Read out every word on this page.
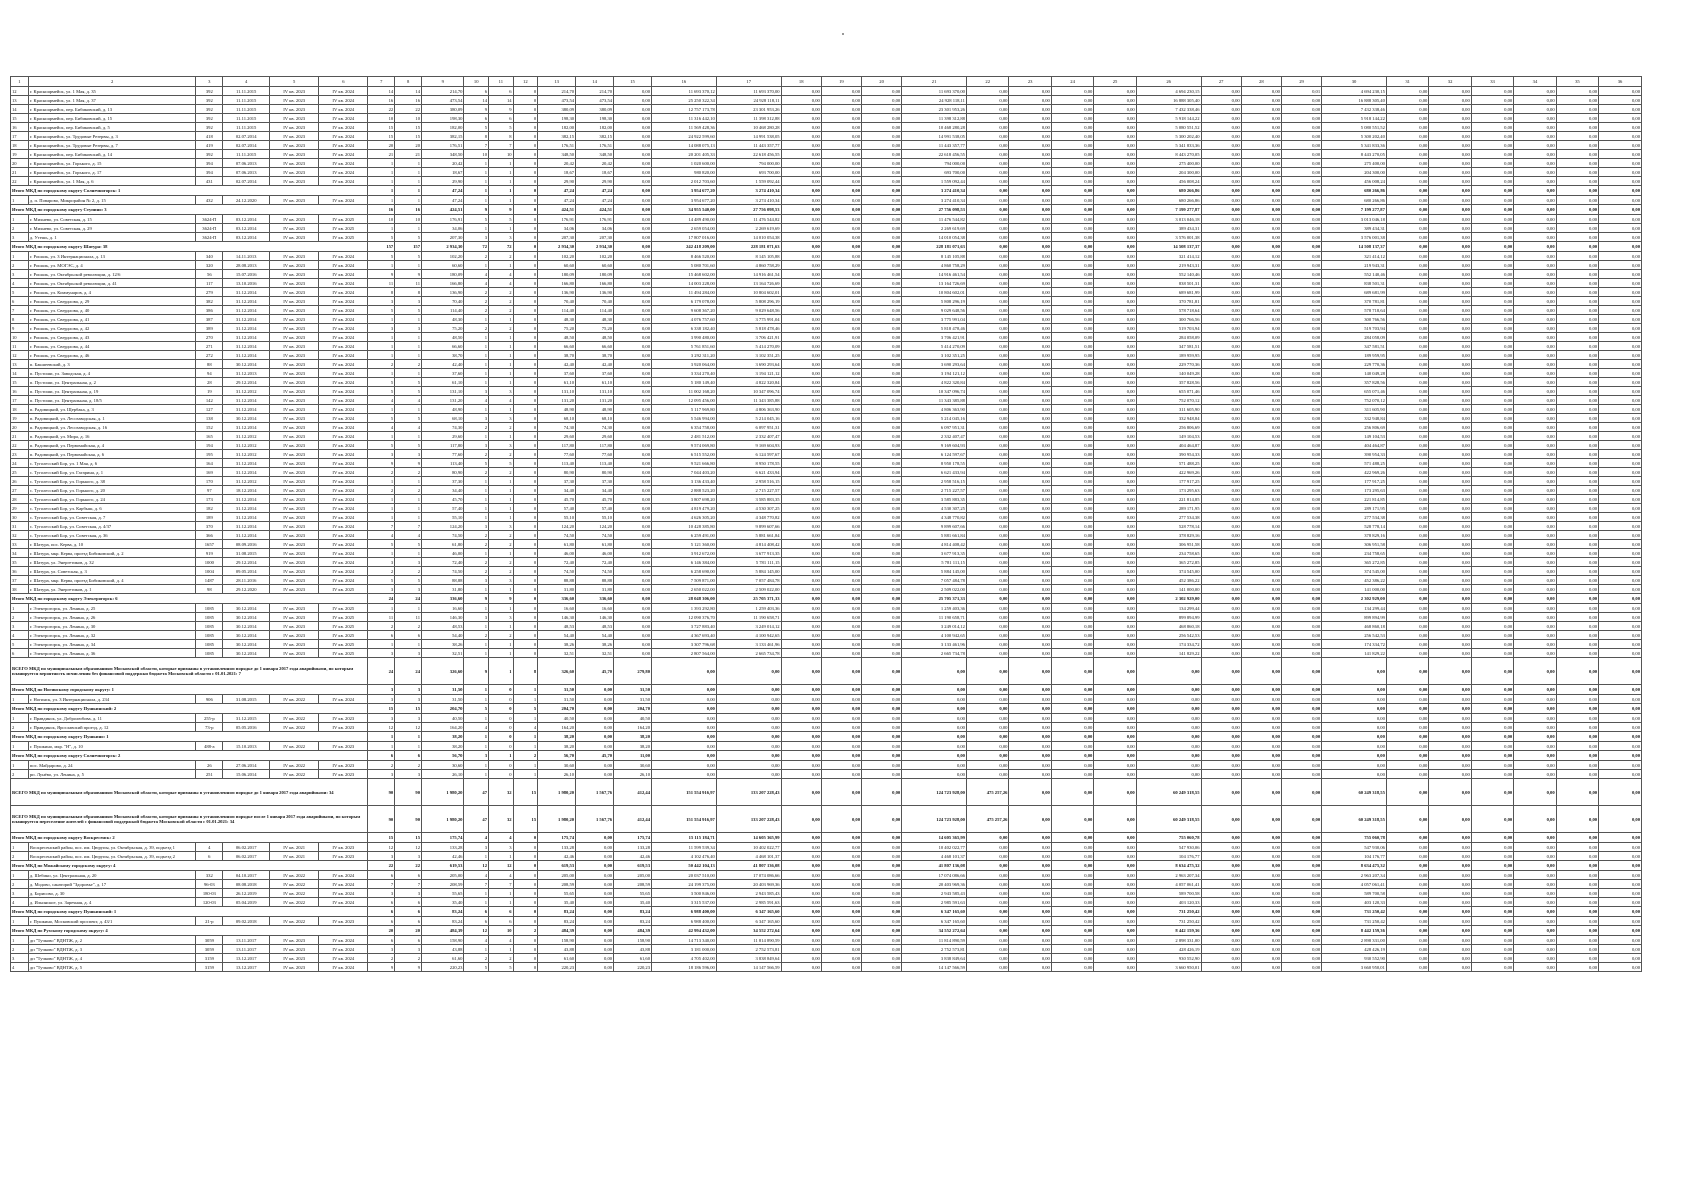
1	2	3	4	5	6	7	8	9	10	11	12	13	14	15	16	17	18	19	20	21	22	23	24	25	26	27	28	29	30	31	32	33	34	35	36
12	г. Красноармейск, ул. 1 Мая, д. 35	392	11.11.2015	IV кв. 2023	IV кв. 2024	14	14	214,70	6	6	0	214,70	214,70	0,00	11 693 370,12	11 693 370,00	0,00	0,00	0,00	11 693 370,00	0,00	0,00	0,00	0,00	4 694 230,15	0,00	0,00	0,01	4 694 230,15	0,00	0,00	0,00	0,00	0,00	0,00
13	г. Красноармейск, ул. 1 Мая, д. 37	392	11.11.2015	IV кв. 2023	IV кв. 2024	16	16	473,54	14	14	0	473,54	473,54	0,00	25 250 322,34	24 928 118,11	0,00	0,00	0,00	24 928 118,11	0,00	0,00	0,00	0,00	16 888 305,40	0,00	0,00	0,00	16 888 305,40	0,00	0,00	0,00	0,00	0,00	0,00
14	г. Красноармейск, пер. Бибиковский, д. 13	392	11.11.2015	IV кв. 2023	IV кв. 2024	22	22	380,09	9	9	0	380,09	380,09	0,00	12 757 173,78	23 301 953,26	0,00	0,00	0,00	23 301 953,26	0,00	0,00	0,00	0,00	7 432 338,46	0,00	0,00	0,00	7 432 338,46	0,00	0,00	0,00	0,00	0,00	0,00
15	г. Красноармейск, пер. Бибиковский, д. 15	392	11.11.2015	IV кв. 2023	IV кв. 2024	10	10	198,30	6	6	0	198,30	198,30	0,00	11 316 442,10	11 398 312,88	0,00	0,00	0,00	11 398 312,88	0,00	0,00	0,00	0,00	5 918 144,22	0,00	0,00	0,00	5 918 144,22	0,00	0,00	0,00	0,00	0,00	0,00
16	г. Красноармейск, пер. Бибиковский, д. 5	392	11.11.2015	IV кв. 2023	IV кв. 2024	15	15	182,00	5	5	0	182,00	182,00	0,00	11 569 428,36	10 468 280,28	0,00	0,00	0,00	10 468 280,28	0,00	0,00	0,00	0,00	5 080 551,52	0,00	0,00	0,00	5 080 551,52	0,00	0,00	0,00	0,00	0,00	0,00
17	г. Красноармейск, ул. Трудовые Резервы, д. 3	418	02.07.2014	IV кв. 2023	IV кв. 2024	15	15	382,15	8	8	0	382,15	382,15	0,00	24 922 599,60	14 991 538,05	0,00	0,00	0,00	14 991 538,05	0,00	0,00	0,00	0,00	5 300 202,40	0,00	0,00	0,00	5 300 202,40	0,00	0,00	0,00	0,00	0,00	0,00
18	г. Красноармейск, ул. Трудовые Резервы, д. 7	419	02.07.2014	IV кв. 2023	IV кв. 2024	20	20	176,51	7	7	0	176,51	176,51	0,00	14 088 075,13	11 443 357,77	0,00	0,00	0,00	11 443 357,77	0,00	0,00	0,00	0,00	5 341 833,36	0,00	0,00	0,00	5 341 833,36	0,00	0,00	0,00	0,00	0,00	0,00
19	г. Красноармейск, пер. Бибиковский, д. 14	392	11.11.2015	IV кв. 2023	IV кв. 2024	21	21	348,50	10	10	0	348,50	348,50	0,00	20 201 405,33	22 618 456,55	0,00	0,00	0,00	22 618 456,55	0,00	0,00	0,00	0,00	8 443 270,05	0,00	0,00	0,00	8 443 270,05	0,00	0,00	0,00	0,00	0,00	0,00
20	г. Красноармейск, ул. Горького, д. 15	394	07.06.2013	IV кв. 2023	IV кв. 2024	1	1	20,42	1	1	0	20,42	20,42	0,00	1 020 600,00	794 000,00	0,00	0,00	0,00	794 000,00	0,00	0,00	0,00	0,00	275 400,00	0,00	0,00	0,00	275 400,00	0,00	0,00	0,00	0,00	0,00	0,00
21	г. Красноармейск, ул. Горького, д. 17	394	07.06.2013	IV кв. 2023	IV кв. 2024	1	1	18,67	1	1	0	18,67	18,67	0,00	980 820,00	693 700,00	0,00	0,00	0,00	693 700,00	0,00	0,00	0,00	0,00	204 300,00	0,00	0,00	0,00	204 300,00	0,00	0,00	0,00	0,00	0,00	0,00
22	г. Красноармейск, ул. 1 Мая, д. 6	431	02.07.2014	IV кв. 2023	IV кв. 2024	1	1	29,90	1	1	0	29,90	29,90	0,00	2 012 703,60	1 559 092,44	0,00	0,00	0,00	1 559 092,44	0,00	0,00	0,00	0,00	456 008,24	0,00	0,00	0,00	456 008,24	0,00	0,00	0,00	0,00	0,00	0,00
Итого МКД по городскому округу Солнечногорск: 1						1	1	47,24	1	1	0	47,24	47,24	0,00	3 954 677,20	3 274 410,34	0,00	0,00	0,00	3 274 410,34	0,00	0,00	0,00	0,00	680 266,86	0,00	0,00	0,00	680 266,86	0,00	0,00	0,00	0,00	0,00	0,00
1	д. п. Поварово, Микрорайон № 2, д. 15	432	24.12.2020	IV кв. 2023	IV кв. 2024	1	1	47,24	1	1	0	47,24	47,24	0,00	3 954 677,20	3 274 410,34	0,00	0,00	0,00	3 274 410,34	0,00	0,00	0,00	0,00	680 266,86	0,00	0,00	0,00	680 266,86	0,00	0,00	0,00	0,00	0,00	0,00
Итого МКД по городскому округу Ступино: 3						16	16	424,51	9	9	0	424,51	424,51	0,00	34 955 540,00	27 756 098,53	0,00	0,00	0,00	27 756 098,53	0,00	0,00	0,00	0,00	7 199 277,87	0,00	0,00	0,00	7 199 277,87	0,00	0,00	0,00	0,00	0,00	0,00
1	г. Михнево, ул. Советская, д. 15	3624-П	03.12.2014	IV кв. 2023	IV кв. 2025	10	10	176,91	5	5	0	176,91	176,91	0,00	14 489 490,00	11 476 544,82	0,00	0,00	0,00	11 476 544,82	0,00	0,00	0,00	0,00	3 013 046,18	0,00	0,00	0,00	3 013 046,18	0,00	0,00	0,00	0,00	0,00	0,00
2	г. Михнево, ул. Советская, д. 29	3624-П	03.12.2014	IV кв. 2023	IV кв. 2025	1	1	34,06	1	1	0	34,06	34,06	0,00	2 659 054,00	2 269 619,69	0,00	0,00	0,00	2 269 619,69	0,00	0,00	0,00	0,00	389 434,31	0,00	0,00	0,00	389 434,31	0,00	0,00	0,00	0,00	0,00	0,00
3	д. Утешь, д. 1	3624-П	03.12.2014	IV кв. 2023	IV кв. 2025	5	5	207,30	3	3	0	207,30	207,30	0,00	17 807 016,00	14 010 054,38	0,00	0,00	0,00	14 010 054,38	0,00	0,00	0,00	0,00	3 576 001,38	0,00	0,00	0,00	3 576 001,38	0,00	0,00	0,00	0,00	0,00	0,00
Итого МКД по городскому округу Шатура: 38						157	157	2 934,30	72	72	0	2 934,30	2 934,30	0,00	242 418 209,00	228 181 071,63	0,00	0,00	0,00	228 181 071,63	0,00	0,00	0,00	0,00	14 508 137,37	0,00	0,00	0,00	14 508 137,37	0,00	0,00	0,00	0,00	0,00	0,00
1	г. Рошаль, ул. 3 Интернационала, д. 13	340	14.11.2013	IV кв. 2023	IV кв. 2024	5	5	102,20	2	2	0	102,20	102,20	0,00	8 466 520,00	8 145 105,88	0,00	0,00	0,00	8 145 105,88	0,00	0,00	0,00	0,00	321 414,12	0,00	0,00	0,00	321 414,12	0,00	0,00	0,00	0,00	0,00	0,00
2	г. Рошаль, ул. МОГЭС, д. 4	320	28.08.2013	IV кв. 2023	IV кв. 2024	1	1	60,60	1	1	0	60,60	60,60	0,00	5 080 701,60	4 860 758,29	0,00	0,00	0,00	4 860 758,29	0,00	0,00	0,00	0,00	219 943,31	0,00	0,00	0,00	219 943,31	0,00	0,00	0,00	0,00	0,00	0,00
3	г. Рошаль, ул. Октябрьской революции, д. 12/6	56	15.07.2016	IV кв. 2023	IV кв. 2024	9	9	180,09	4	4	0	180,09	180,09	0,00	15 468 602,00	14 916 461,54	0,00	0,00	0,00	14 916 461,54	0,00	0,00	0,00	0,00	552 140,46	0,00	0,00	0,00	552 140,46	0,00	0,00	0,00	0,00	0,00	0,00
4	г. Рошаль, ул. Октябрьской революции, д. 41	117	13.10.2016	IV кв. 2023	IV кв. 2024	11	11	166,80	4	4	0	166,80	166,80	0,00	14 003 228,00	13 164 726,69	0,00	0,00	0,00	13 164 726,69	0,00	0,00	0,00	0,00	838 501,31	0,00	0,00	0,00	838 501,31	0,00	0,00	0,00	0,00	0,00	0,00
5	г. Рошаль, ул. Коммунаров, д. 4	279	31.12.2014	IV кв. 2023	IV кв. 2024	8	8	136,90	2	2	0	136,90	136,90	0,00	11 494 284,00	10 804 602,01	0,00	0,00	0,00	10 804 602,01	0,00	0,00	0,00	0,00	689 681,99	0,00	0,00	0,00	689 681,99	0,00	0,00	0,00	0,00	0,00	0,00
6	г. Рошаль, ул. Свердлова, д. 29	382	31.12.2014	IV кв. 2023	IV кв. 2024	3	3	70,40	2	2	0	70,40	70,40	0,00	6 179 078,00	5 808 296,19	0,00	0,00	0,00	5 808 296,19	0,00	0,00	0,00	0,00	370 781,81	0,00	0,00	0,00	370 781,81	0,00	0,00	0,00	0,00	0,00	0,00
7	г. Рошаль, ул. Свердлова, д. 40	386	31.12.2014	IV кв. 2023	IV кв. 2024	5	5	114,40	2	2	0	114,40	114,40	0,00	9 608 367,20	9 029 648,56	0,00	0,00	0,00	9 029 648,56	0,00	0,00	0,00	0,00	578 718,64	0,00	0,00	0,00	578 718,64	0,00	0,00	0,00	0,00	0,00	0,00
8	г. Рошаль, ул. Свердлова, д. 41	387	31.12.2014	IV кв. 2023	IV кв. 2024	1	1	48,30	1	1	0	48,30	48,30	0,00	4 076 757,60	3 775 991,04	0,00	0,00	0,00	3 775 991,04	0,00	0,00	0,00	0,00	300 766,56	0,00	0,00	0,00	300 766,56	0,00	0,00	0,00	0,00	0,00	0,00
9	г. Рошаль, ул. Свердлова, д. 42	389	31.12.2014	IV кв. 2023	IV кв. 2024	3	3	75,20	2	2	0	75,20	75,20	0,00	6 338 182,40	5 818 478,46	0,00	0,00	0,00	5 818 478,46	0,00	0,00	0,00	0,00	519 703,94	0,00	0,00	0,00	519 703,94	0,00	0,00	0,00	0,00	0,00	0,00
10	г. Рошаль, ул. Свердлова, д. 43	270	31.12.2014	IV кв. 2023	IV кв. 2024	1	1	48,50	1	1	0	48,50	48,50	0,00	3 990 480,00	3 706 421,91	0,00	0,00	0,00	3 706 421,91	0,00	0,00	0,00	0,00	284 058,09	0,00	0,00	0,00	284 058,09	0,00	0,00	0,00	0,00	0,00	0,00
11	г. Рошаль, ул. Свердлова, д. 44	271	31.12.2014	IV кв. 2023	IV кв. 2024	1	1	66,60	1	1	0	66,60	66,60	0,00	5 761 851,60	5 414 270,09	0,00	0,00	0,00	5 414 270,09	0,00	0,00	0,00	0,00	347 581,51	0,00	0,00	0,00	347 581,51	0,00	0,00	0,00	0,00	0,00	0,00
12	г. Рошаль, ул. Свердлова, д. 46	272	31.12.2014	IV кв. 2023	IV кв. 2024	1	1	38,70	1	1	0	38,70	38,70	0,00	3 292 311,20	3 102 351,25	0,00	0,00	0,00	3 102 351,25	0,00	0,00	0,00	0,00	189 959,95	0,00	0,00	0,00	189 959,95	0,00	0,00	0,00	0,00	0,00	0,00
13	п. Бакшеевский, д. 3	88	30.12.2014	IV кв. 2023	IV кв. 2024	2	2	42,40	1	1	0	42,40	42,40	0,00	3 920 064,00	3 690 293,64	0,00	0,00	0,00	3 690 293,64	0,00	0,00	0,00	0,00	229 770,36	0,00	0,00	0,00	229 770,36	0,00	0,00	0,00	0,00	0,00	0,00
14	п. Пустоши, ул. Заводская, д. 4	94	31.12.2013	IV кв. 2023	IV кв. 2024	1	1	37,60	1	1	0	37,60	37,60	0,00	3 334 270,40	3 194 121,12	0,00	0,00	0,00	3 194 121,12	0,00	0,00	0,00	0,00	140 049,28	0,00	0,00	0,00	140 049,28	0,00	0,00	0,00	0,00	0,00	0,00
15	п. Пустоши, ул. Центральная, д. 2	28	29.12.2014	IV кв. 2023	IV кв. 2024	5	5	61,10	1	1	0	61,10	61,10	0,00	5 180 149,40	4 822 320,84	0,00	0,00	0,00	4 822 320,84	0,00	0,00	0,00	0,00	357 828,56	0,00	0,00	0,00	357 828,56	0,00	0,00	0,00	0,00	0,00	0,00
16	п. Пустоши, ул. Центральная, д. 19	19	31.12.2012	IV кв. 2023	IV кв. 2024	5	5	131,10	3	3	0	131,10	131,10	0,00	11 002 168,20	10 347 096,74	0,00	0,00	0,00	10 347 096,74	0,00	0,00	0,00	0,00	655 071,46	0,00	0,00	0,00	655 071,46	0,00	0,00	0,00	0,00	0,00	0,00
17	п. Пустоши, ул. Центральная, д. 18/5	142	31.12.2014	IV кв. 2023	IV кв. 2024	4	4	131,20	4	4	0	131,20	131,20	0,00	12 095 456,00	11 343 385,88	0,00	0,00	0,00	11 343 385,88	0,00	0,00	0,00	0,00	752 070,12	0,00	0,00	0,00	752 070,12	0,00	0,00	0,00	0,00	0,00	0,00
18	п. Радовицкий, ул. Щербака, д. 3	127	31.12.2014	IV кв. 2023	IV кв. 2024	1	1	48,90	1	1	0	48,90	48,90	0,00	5 117 969,80	4 806 363,90	0,00	0,00	0,00	4 806 363,90	0,00	0,00	0,00	0,00	311 605,90	0,00	0,00	0,00	311 605,90	0,00	0,00	0,00	0,00	0,00	0,00
19	п. Радовицкий, ул. Лесозаводская, д. 1	138	30.12.2014	IV кв. 2023	IV кв. 2024	5	5	68,10	3	3	0	68,10	68,10	0,00	5 546 994,00	5 214 045,16	0,00	0,00	0,00	5 214 045,16	0,00	0,00	0,00	0,00	332 948,84	0,00	0,00	0,00	332 948,84	0,00	0,00	0,00	0,00	0,00	0,00
20	п. Радовицкий, ул. Лесозаводская, д. 16	152	31.12.2014	IV кв. 2023	IV кв. 2024	4	4	74,30	2	2	0	74,30	74,30	0,00	6 354 758,00	6 097 951,31	0,00	0,00	0,00	6 097 951,31	0,00	0,00	0,00	0,00	256 806,69	0,00	0,00	0,00	256 806,69	0,00	0,00	0,00	0,00	0,00	0,00
21	п. Радовицкий, ул. Мира, д. 16	165	31.12.2012	IV кв. 2023	IV кв. 2024	1	1	29,60	1	1	0	29,60	29,60	0,00	2 481 512,00	2 332 407,47	0,00	0,00	0,00	2 332 407,47	0,00	0,00	0,00	0,00	149 104,53	0,00	0,00	0,00	149 104,53	0,00	0,00	0,00	0,00	0,00	0,00
22	п. Радовицкий, ул. Первомайская, д. 4	194	31.12.2012	IV кв. 2023	IV кв. 2024	5	5	117,80	3	3	0	117,80	117,80	0,00	9 574 069,80	9 169 604,93	0,00	0,00	0,00	9 169 604,93	0,00	0,00	0,00	0,00	404 464,87	0,00	0,00	0,00	404 464,87	0,00	0,00	0,00	0,00	0,00	0,00
23	п. Радовицкий, ул. Первомайская, д. 6	195	31.12.2012	IV кв. 2023	IV кв. 2024	3	3	77,60	2	2	0	77,60	77,60	0,00	6 515 552,00	6 124 597,67	0,00	0,00	0,00	6 124 597,67	0,00	0,00	0,00	0,00	390 954,33	0,00	0,00	0,00	390 954,33	0,00	0,00	0,00	0,00	0,00	0,00
24	с. Туголесский Бор, ул. 1 Мая, д. 6	164	31.12.2014	IV кв. 2023	IV кв. 2024	9	9	113,40	5	5	0	113,40	113,40	0,00	9 521 666,80	8 950 178,55	0,00	0,00	0,00	8 950 178,55	0,00	0,00	0,00	0,00	571 488,25	0,00	0,00	0,00	571 488,25	0,00	0,00	0,00	0,00	0,00	0,00
25	с. Туголесский Бор, ул. Гагарина, д. 1	169	31.12.2014	IV кв. 2023	IV кв. 2024	2	2	80,90	2	2	0	80,90	80,90	0,00	7 044 403,20	6 621 433,94	0,00	0,00	0,00	6 621 433,94	0,00	0,00	0,00	0,00	422 969,26	0,00	0,00	0,00	422 969,26	0,00	0,00	0,00	0,00	0,00	0,00
26	с. Туголесский Бор, ул. Горького, д. 38	170	31.12.2012	IV кв. 2023	IV кв. 2024	1	1	37,30	1	1	0	37,30	37,30	0,00	3 136 433,40	2 958 516,15	0,00	0,00	0,00	2 958 516,15	0,00	0,00	0,00	0,00	177 917,25	0,00	0,00	0,00	177 917,25	0,00	0,00	0,00	0,00	0,00	0,00
27	с. Туголесский Бор, ул. Горького, д. 20	97	18.12.2014	IV кв. 2023	IV кв. 2024	2	2	34,40	1	1	0	34,40	34,40	0,00	2 888 523,20	2 715 227,57	0,00	0,00	0,00	2 715 227,57	0,00	0,00	0,00	0,00	173 295,63	0,00	0,00	0,00	173 295,63	0,00	0,00	0,00	0,00	0,00	0,00
28	с. Туголесский Бор, ул. Горького, д. 24	173	31.12.2014	IV кв. 2023	IV кв. 2024	1	1	45,70	1	1	0	45,70	45,70	0,00	3 807 698,20	3 585 883,35	0,00	0,00	0,00	3 585 883,35	0,00	0,00	0,00	0,00	221 814,85	0,00	0,00	0,00	221 814,85	0,00	0,00	0,00	0,00	0,00	0,00
29	с. Туголесский Бор, ул. Карбыш, д. 6	182	31.12.2014	IV кв. 2023	IV кв. 2024	1	1	57,40	1	1	0	57,40	57,40	0,00	4 819 479,20	4 530 307,25	0,00	0,00	0,00	4 530 307,25	0,00	0,00	0,00	0,00	289 171,95	0,00	0,00	0,00	289 171,95	0,00	0,00	0,00	0,00	0,00	0,00
30	с. Туголесский Бор, ул. Советская, д. 7	189	31.12.2014	IV кв. 2023	IV кв. 2024	1	1	55,10	1	1	0	55,10	55,10	0,00	4 626 305,20	4 348 770,82	0,00	0,00	0,00	4 348 770,82	0,00	0,00	0,00	0,00	277 534,38	0,00	0,00	0,00	277 534,38	0,00	0,00	0,00	0,00	0,00	0,00
31	с. Туголесский Бор, ул. Советская, д. 4/37	370	31.12.2014	IV кв. 2023	IV кв. 2024	7	7	124,20	3	3	0	124,20	124,20	0,00	10 428 385,80	9 899 607,66	0,00	0,00	0,00	9 899 607,66	0,00	0,00	0,00	0,00	528 778,14	0,00	0,00	0,00	528 778,14	0,00	0,00	0,00	0,00	0,00	0,00
32	с. Туголесский Бор, ул. Советская, д. 36	366	31.12.2014	IV кв. 2023	IV кв. 2024	4	4	74,50	2	2	0	74,50	74,50	0,00	6 259 491,00	5 881 661,84	0,00	0,00	0,00	5 881 661,84	0,00	0,00	0,00	0,00	378 829,16	0,00	0,00	0,00	378 829,16	0,00	0,00	0,00	0,00	0,00	0,00
33	г. Шатура, пос. Керва, д. 10	1657	08.09.2016	IV кв. 2023	IV кв. 2024	5	5	61,80	2	2	0	61,80	61,80	0,00	5 121 360,00	4 814 408,42	0,00	0,00	0,00	4 814 408,42	0,00	0,00	0,00	0,00	306 951,58	0,00	0,00	0,00	306 951,58	0,00	0,00	0,00	0,00	0,00	0,00
34	г. Шатура, мкр. Керва, проезд Бибиковский, д. 2	919	31.08.2015	IV кв. 2023	IV кв. 2024	1	1	46,00	1	1	0	46,00	46,00	0,00	3 912 672,00	3 677 913,35	0,00	0,00	0,00	3 677 913,35	0,00	0,00	0,00	0,00	234 758,65	0,00	0,00	0,00	234 758,65	0,00	0,00	0,00	0,00	0,00	0,00
35	г. Шатура, ул. Энергетиков, д. 32	1000	29.12.2014	IV кв. 2023	IV кв. 2024	3	3	72,40	2	2	0	72,40	72,40	0,00	6 146 384,00	5 781 111,15	0,00	0,00	0,00	5 781 111,15	0,00	0,00	0,00	0,00	365 272,85	0,00	0,00	0,00	365 272,85	0,00	0,00	0,00	0,00	0,00	0,00
36	г. Шатура, ул. Советская, д. 3	1004	09.05.2014	IV кв. 2023	IV кв. 2024	2	2	74,50	2	2	0	74,50	74,50	0,00	6 258 690,00	5 884 145,00	0,00	0,00	0,00	5 884 145,00	0,00	0,00	0,00	0,00	374 545,00	0,00	0,00	0,00	374 545,00	0,00	0,00	0,00	0,00	0,00	0,00
37	г. Шатура, мкр. Керва, проезд Бибиковский, д. 4	1487	28.11.2016	IV кв. 2023	IV кв. 2024	5	5	88,88	3	3	0	88,88	88,88	0,00	7 509 871,00	7 057 484,78	0,00	0,00	0,00	7 057 484,78	0,00	0,00	0,00	0,00	452 386,22	0,00	0,00	0,00	452 386,22	0,00	0,00	0,00	0,00	0,00	0,00
38	г. Шатура, ул. Энергетиков, д. 1	98	29.12.2020	IV кв. 2023	IV кв. 2025	3	3	31,80	1	1	0	31,80	31,80	0,00	2 650 022,00	2 509 022,00	0,00	0,00	0,00	2 509 022,00	0,00	0,00	0,00	0,00	141 000,00	0,00	0,00	0,00	141 000,00	0,00	0,00	0,00	0,00	0,00	0,00
Итого МКД по городскому округу Электрогорск: 6						24	24	336,60	9	9	0	336,60	336,60	0,00	28 048 306,00	25 705 371,33	0,00	0,00	0,00	25 705 371,33	0,00	0,00	0,00	0,00	2 302 929,00	0,00	0,00	0,00	2 302 929,00	0,00	0,00	0,00	0,00	0,00	0,00
1	г. Электрогорск, ул. Ленина, д. 25	1085	30.12.2014	IV кв. 2023	IV кв. 2025	1	1	16,60	1	1	0	16,60	16,60	0,00	1 393 292,80	1 259 403,36	0,00	0,00	0,00	1 259 403,36	0,00	0,00	0,00	0,00	134 299,44	0,00	0,00	0,00	134 299,44	0,00	0,00	0,00	0,00	0,00	0,00
2	г. Электрогорск, ул. Ленина, д. 26	1085	30.12.2014	IV кв. 2023	IV кв. 2025	11	11	146,30	3	3	0	146,30	146,30	0,00	12 090 376,70	11 190 658,71	0,00	0,00	0,00	11 190 658,71	0,00	0,00	0,00	0,00	899 894,99	0,00	0,00	0,00	899 894,99	0,00	0,00	0,00	0,00	0,00	0,00
3	г. Электрогорск, ул. Ленина, д. 30	1085	30.12.2014	IV кв. 2023	IV кв. 2025	2	2	48,53	1	1	0	48,53	48,53	0,00	3 727 883,40	3 249 014,12	0,00	0,00	0,00	3 249 014,12	0,00	0,00	0,00	0,00	468 860,18	0,00	0,00	0,00	468 860,18	0,00	0,00	0,00	0,00	0,00	0,00
4	г. Электрогорск, ул. Ленина, д. 32	1085	30.12.2014	IV кв. 2023	IV кв. 2025	6	6	54,40	2	2	0	54,40	54,40	0,00	4 367 693,40	4 100 942,65	0,00	0,00	0,00	4 100 942,65	0,00	0,00	0,00	0,00	256 542,53	0,00	0,00	0,00	256 542,53	0,00	0,00	0,00	0,00	0,00	0,00
5	г. Электрогорск, ул. Ленина, д. 34	1085	30.12.2014	IV кв. 2023	IV кв. 2025	1	1	38,26	1	1	0	38,26	38,26	0,00	3 307 796,68	3 133 461,96	0,00	0,00	0,00	3 133 461,96	0,00	0,00	0,00	0,00	174 334,72	0,00	0,00	0,00	174 334,72	0,00	0,00	0,00	0,00	0,00	0,00
6	г. Электрогорск, ул. Ленина, д. 36	1085	30.12.2014	IV кв. 2023	IV кв. 2025	3	3	32,51	1	1	0	32,51	32,51	0,00	2 807 564,00	2 665 734,78	0,00	0,00	0,00	2 665 734,78	0,00	0,00	0,00	0,00	141 829,22	0,00	0,00	0,00	141 829,22	0,00	0,00	0,00	0,00	0,00	0,00
ВСЕГО МКД по муниципальным образованиям Московской области, которые признаны в установленном порядке до 1 января 2017 года аварийными, по которым планируется вероятность исчисления без финансовой поддержки бюджета Московской области с 01.01.2021: 7						24	24	326,60	9	1	8	326,60	45,70	279,80	0,00	0,00	0,00	0,00	0,00	0,00	0,00	0,00	0,00	0,00	0,00	0,00	0,00	0,00	0,00	0,00	0,00	0,00	0,00	0,00	0,00
Итого МКД по Ногинскому городскому округу: 1						3	3	31,50	1	0	1	31,50	0,00	31,50	0,00	0,00	0,00	0,00	0,00	0,00	0,00	0,00	0,00	0,00	0,00	0,00	0,00	0,00	0,00	0,00	0,00	0,00	0,00	0,00	0,00
1	г. Ногинск, ул. 3 Интернационала, д. 234	906	31.08.2015	IV кв. 2022	IV кв. 2024	3	3	31,50	1	0	1	31,50	0,00	31,50	0,00	0,00	0,00	0,00	0,00	0,00	0,00	0,00	0,00	0,00	0,00	0,00	0,00	0,00	0,00	0,00	0,00	0,00	0,00	0,00	0,00
Итого МКД по городскому округу Пушкинский: 2						15	15	204,70	5	0	5	204,70	0,00	204,70	0,00	0,00	0,00	0,00	0,00	0,00	0,00	0,00	0,00	0,00	0,00	0,00	0,00	0,00	0,00	0,00	0,00	0,00	0,00	0,00	0,00
1	г. Правдинск, ул. Добролюбова, д. 11	255-р	31.12.2015	IV кв. 2022	IV кв. 2023	3	3	40,50	1	0	1	40,50	0,00	40,50	0,00	0,00	0,00	0,00	0,00	0,00	0,00	0,00	0,00	0,00	0,00	0,00	0,00	0,00	0,00	0,00	0,00	0,00	0,00	0,00	0,00
2	г. Правдинск, Ярославский проезд, д. 12	73-р	05.05.2016	IV кв. 2022	IV кв. 2023	12	12	164,20	4	0	4	164,20	0,00	164,20	0,00	0,00	0,00	0,00	0,00	0,00	0,00	0,00	0,00	0,00	0,00	0,00	0,00	0,00	0,00	0,00	0,00	0,00	0,00	0,00	0,00
Итого МКД по городскому округу Пушкино: 1						1	1	38,20	1	0	1	38,20	0,00	38,20	0,00	0,00	0,00	0,00	0,00	0,00	0,00	0,00	0,00	0,00	0,00	0,00	0,00	0,00	0,00	0,00	0,00	0,00	0,00	0,00	0,00
1	г. Пушкино, мкр. "Н", д. 10	488-а	15.10.2013	IV кв. 2022	IV кв. 2023	1	1	38,20	1	0	1	38,20	0,00	38,20	0,00	0,00	0,00	0,00	0,00	0,00	0,00	0,00	0,00	0,00	0,00	0,00	0,00	0,00	0,00	0,00	0,00	0,00	0,00	0,00	0,00
Итого МКД по городскому округу Солнечногорск: 2						6	6	56,70	3	1	2	56,70	45,70	11,00	0,00	0,00	0,00	0,00	0,00	0,00	0,00	0,00	0,00	0,00	0,00	0,00	0,00	0,00	0,00	0,00	0,00	0,00	0,00	0,00	0,00
1	пос. Майдарово, д. 24	26	27.06.2014	IV кв. 2022	IV кв. 2023	2	2	30,60	1	0	1	30,60	0,00	30,60	0,00	0,00	0,00	0,00	0,00	0,00	0,00	0,00	0,00	0,00	0,00	0,00	0,00	0,00	0,00	0,00	0,00	0,00	0,00	0,00	0,00
2	рп. Лунёво, ул. Ленина, д. 5	251	15.06.2014	IV кв. 2022	IV кв. 2023	3	3	26,10	1	0	1	26,10	0,00	26,10	0,00	0,00	0,00	0,00	0,00	0,00	0,00	0,00	0,00	0,00	0,00	0,00	0,00	0,00	0,00	0,00	0,00	0,00	0,00	0,00	0,00
ВСЕГО МКД по муниципальным образованиям Московской области, которые признаны в установленном порядке до 1 января 2017 года аварийными: 34						90	90	1 980,20	47	32	15	1 980,20	1 567,76	412,44	151 554 916,97	133 207 228,43	0,00	0,00	0,00	124 723 928,00	475 257,26	0,00	0,00	0,00	60 249 318,55	0,00	0,00	0,00	60 249 318,55	0,00	0,00	0,00	0,00	0,00	0,00
ВСЕГО МКД по муниципальным образованиям Московской области, которые признаны в установленном порядке после 1 января 2017 года аварийными, по которым планируется переселение жителей с финансовой поддержкой бюджета Московской области с 01.01.2021: 34						90	90	1 980,20	47	32	15	1 980,20	1 567,76	412,44	151 554 916,97	133 207 228,43	0,00	0,00	0,00	124 723 928,00	475 257,26	0,00	0,00	0,00	60 249 318,55	0,00	0,00	0,00	60 249 318,55	0,00	0,00	0,00	0,00	0,00	0,00
Итого МКД по городскому округу Воскресенск: 2						15	15	175,74	4	4	0	175,74	0,00	175,74	15 115 184,71	14 605 365,99	0,00	0,00	0,00	14 605 365,99	0,00	0,00	0,00	0,00	755 060,78	0,00	0,00	0,00	755 060,78	0,00	0,00	0,00	0,00	0,00	0,00
1	Воскресенский район, пос. им. Цюрупы, ул. Октябрьская, д. 39, подъезд 1	4	06.02.2017	IV кв. 2021	IV кв. 2023	12	12	133,28	3	3	0	133,28	0,00	133,28	11 599 539,34	10 402 022,77	0,00	0,00	0,00	10 402 022,77	0,00	0,00	0,00	0,00	547 930,06	0,00	0,00	0,00	547 930,06	0,00	0,00	0,00	0,00	0,00	0,00
2	Воскресенский район, пос. им. Цюрупы, ул. Октябрьская, д. 39, подъезд 2	6	06.02.2017	IV кв. 2021	IV кв. 2023	3	3	42,46	1	1	0	42,46	0,00	42,46	4 102 476,40	4 468 101,37	0,00	0,00	0,00	4 468 101,37	0,00	0,00	0,00	0,00	104 176,77	0,00	0,00	0,00	104 176,77	0,00	0,00	0,00	0,00	0,00	0,00
Итого МКД по Можайскому городскому округу: 4						22	22	619,53	12	12	0	619,53	0,00	619,53	50 442 104,13	41 807 136,08	0,00	0,00	0,00	41 807 136,08	0,00	0,00	0,00	0,00	8 634 475,32	0,00	0,00	0,00	8 634 475,32	0,00	0,00	0,00	0,00	0,00	0,00
1	д. Шебино, ул. Центральная, д. 20	332	04.10.2017	IV кв. 2022	IV кв. 2024	6	6	205,00	4	4	0	205,00	0,00	205,00	20 037 510,00	17 074 086,66	0,00	0,00	0,00	17 074 086,66	0,00	0,00	0,00	0,00	2 963 207,34	0,00	0,00	0,00	2 963 207,34	0,00	0,00	0,00	0,00	0,00	0,00
2	д. Модово, санаторий "Здоровье", д. 17	96-03	08.08.2018	IV кв. 2022	IV кв. 2024	7	7	208,59	7	7	0	208,59	0,00	208,59	24 199 375,00	20 403 969,36	0,00	0,00	0,00	20 403 969,36	0,00	0,00	0,00	0,00	4 057 061,41	0,00	0,00	0,00	4 057 061,41	0,00	0,00	0,00	0,00	0,00	0,00
3	д. Борисово, д. 30	180-03	26.12.2019	IV кв. 2022	IV кв. 2024	3	3	55,65	1	1	0	55,65	0,00	55,65	3 500 846,00	2 943 585,43	0,00	0,00	0,00	2 943 585,43	0,00	0,00	0,00	0,00	589 700,58	0,00	0,00	0,00	589 700,58	0,00	0,00	0,00	0,00	0,00	0,00
4	д. Ильинское, ул. Заречная, д. 4	120-03	05.04.2019	IV кв. 2022	IV кв. 2024	6	6	35,40	1	1	0	35,40	0,00	35,40	3 315 537,00	2 985 591,63	0,00	0,00	0,00	2 985 591,63	0,00	0,00	0,00	0,00	403 120,33	0,00	0,00	0,00	403 120,33	0,00	0,00	0,00	0,00	0,00	0,00
Итого МКД по городскому округу Пушкинский: 1						6	6	83,24	6	6	0	83,24	0,00	83,24	6 988 400,00	6 347 165,60	0,00	0,00	0,00	6 347 165,60	0,00	0,00	0,00	0,00	731 250,42	0,00	0,00	0,00	731 250,42	0,00	0,00	0,00	0,00	0,00	0,00
1	г. Пушкино, Московский проспект, д. 43/1	21-р	09.02.2018	IV кв. 2022	IV кв. 2023	6	6	83,24	6	6	0	83,24	0,00	83,24	6 988 400,00	6 347 165,60	0,00	0,00	0,00	6 347 165,60	0,00	0,00	0,00	0,00	731 250,42	0,00	0,00	0,00	731 250,42	0,00	0,00	0,00	0,00	0,00	0,00
Итого МКД по Рузскому городскому округу: 4						20	20	484,39	12	10	2	484,39	0,00	484,39	42 994 432,00	34 552 272,64	0,00	0,00	0,00	34 552 272,64	0,00	0,00	0,00	0,00	8 442 159,36	0,00	0,00	0,00	8 442 159,36	0,00	0,00	0,00	0,00	0,00	0,00
1	дп "Тучково" ВДНТЖ, д. 2	3059	13.11.2017	IV кв. 2023	IV кв. 2024	6	6	158,90	4	4	0	158,90	0,00	158,90	14 713 340,00	11 814 890,59	0,00	0,00	0,00	11 814 890,59	0,00	0,00	0,00	0,00	2 898 331,00	0,00	0,00	0,00	2 898 331,00	0,00	0,00	0,00	0,00	0,00	0,00
2	дп "Тучково" ВДНТЖ, д. 3	3059	13.11.2017	IV кв. 2023	IV кв. 2024	3	3	43,88	1	1	0	43,88	0,00	43,88	3 181 000,00	2 752 573,81	0,00	0,00	0,00	2 752 573,81	0,00	0,00	0,00	0,00	428 426,19	0,00	0,00	0,00	428 426,19	0,00	0,00	0,00	0,00	0,00	0,00
3	дп "Тучково" ВДНТЖ, д. 4	3159	13.12.2017	IV кв. 2023	IV кв. 2024	2	2	61,60	2	2	0	61,60	0,00	61,60	4 705 402,00	3 838 849,64	0,00	0,00	0,00	3 838 849,64	0,00	0,00	0,00	0,00	930 552,90	0,00	0,00	0,00	930 552,90	0,00	0,00	0,00	0,00	0,00	0,00
4	дп "Тучково" ВДНТЖ, д. 5	3159	13.12.2017	IV кв. 2023	IV кв. 2024	9	9	220,23	5	5	0	220,23	0,00	220,23	18 186 596,00	14 147 566,59	0,00	0,00	0,00	14 147 566,59	0,00	0,00	0,00	0,00	3 660 950,01	0,00	0,00	0,00	3 660 950,01	0,00	0,00	0,00	0,00	0,00	0,00
